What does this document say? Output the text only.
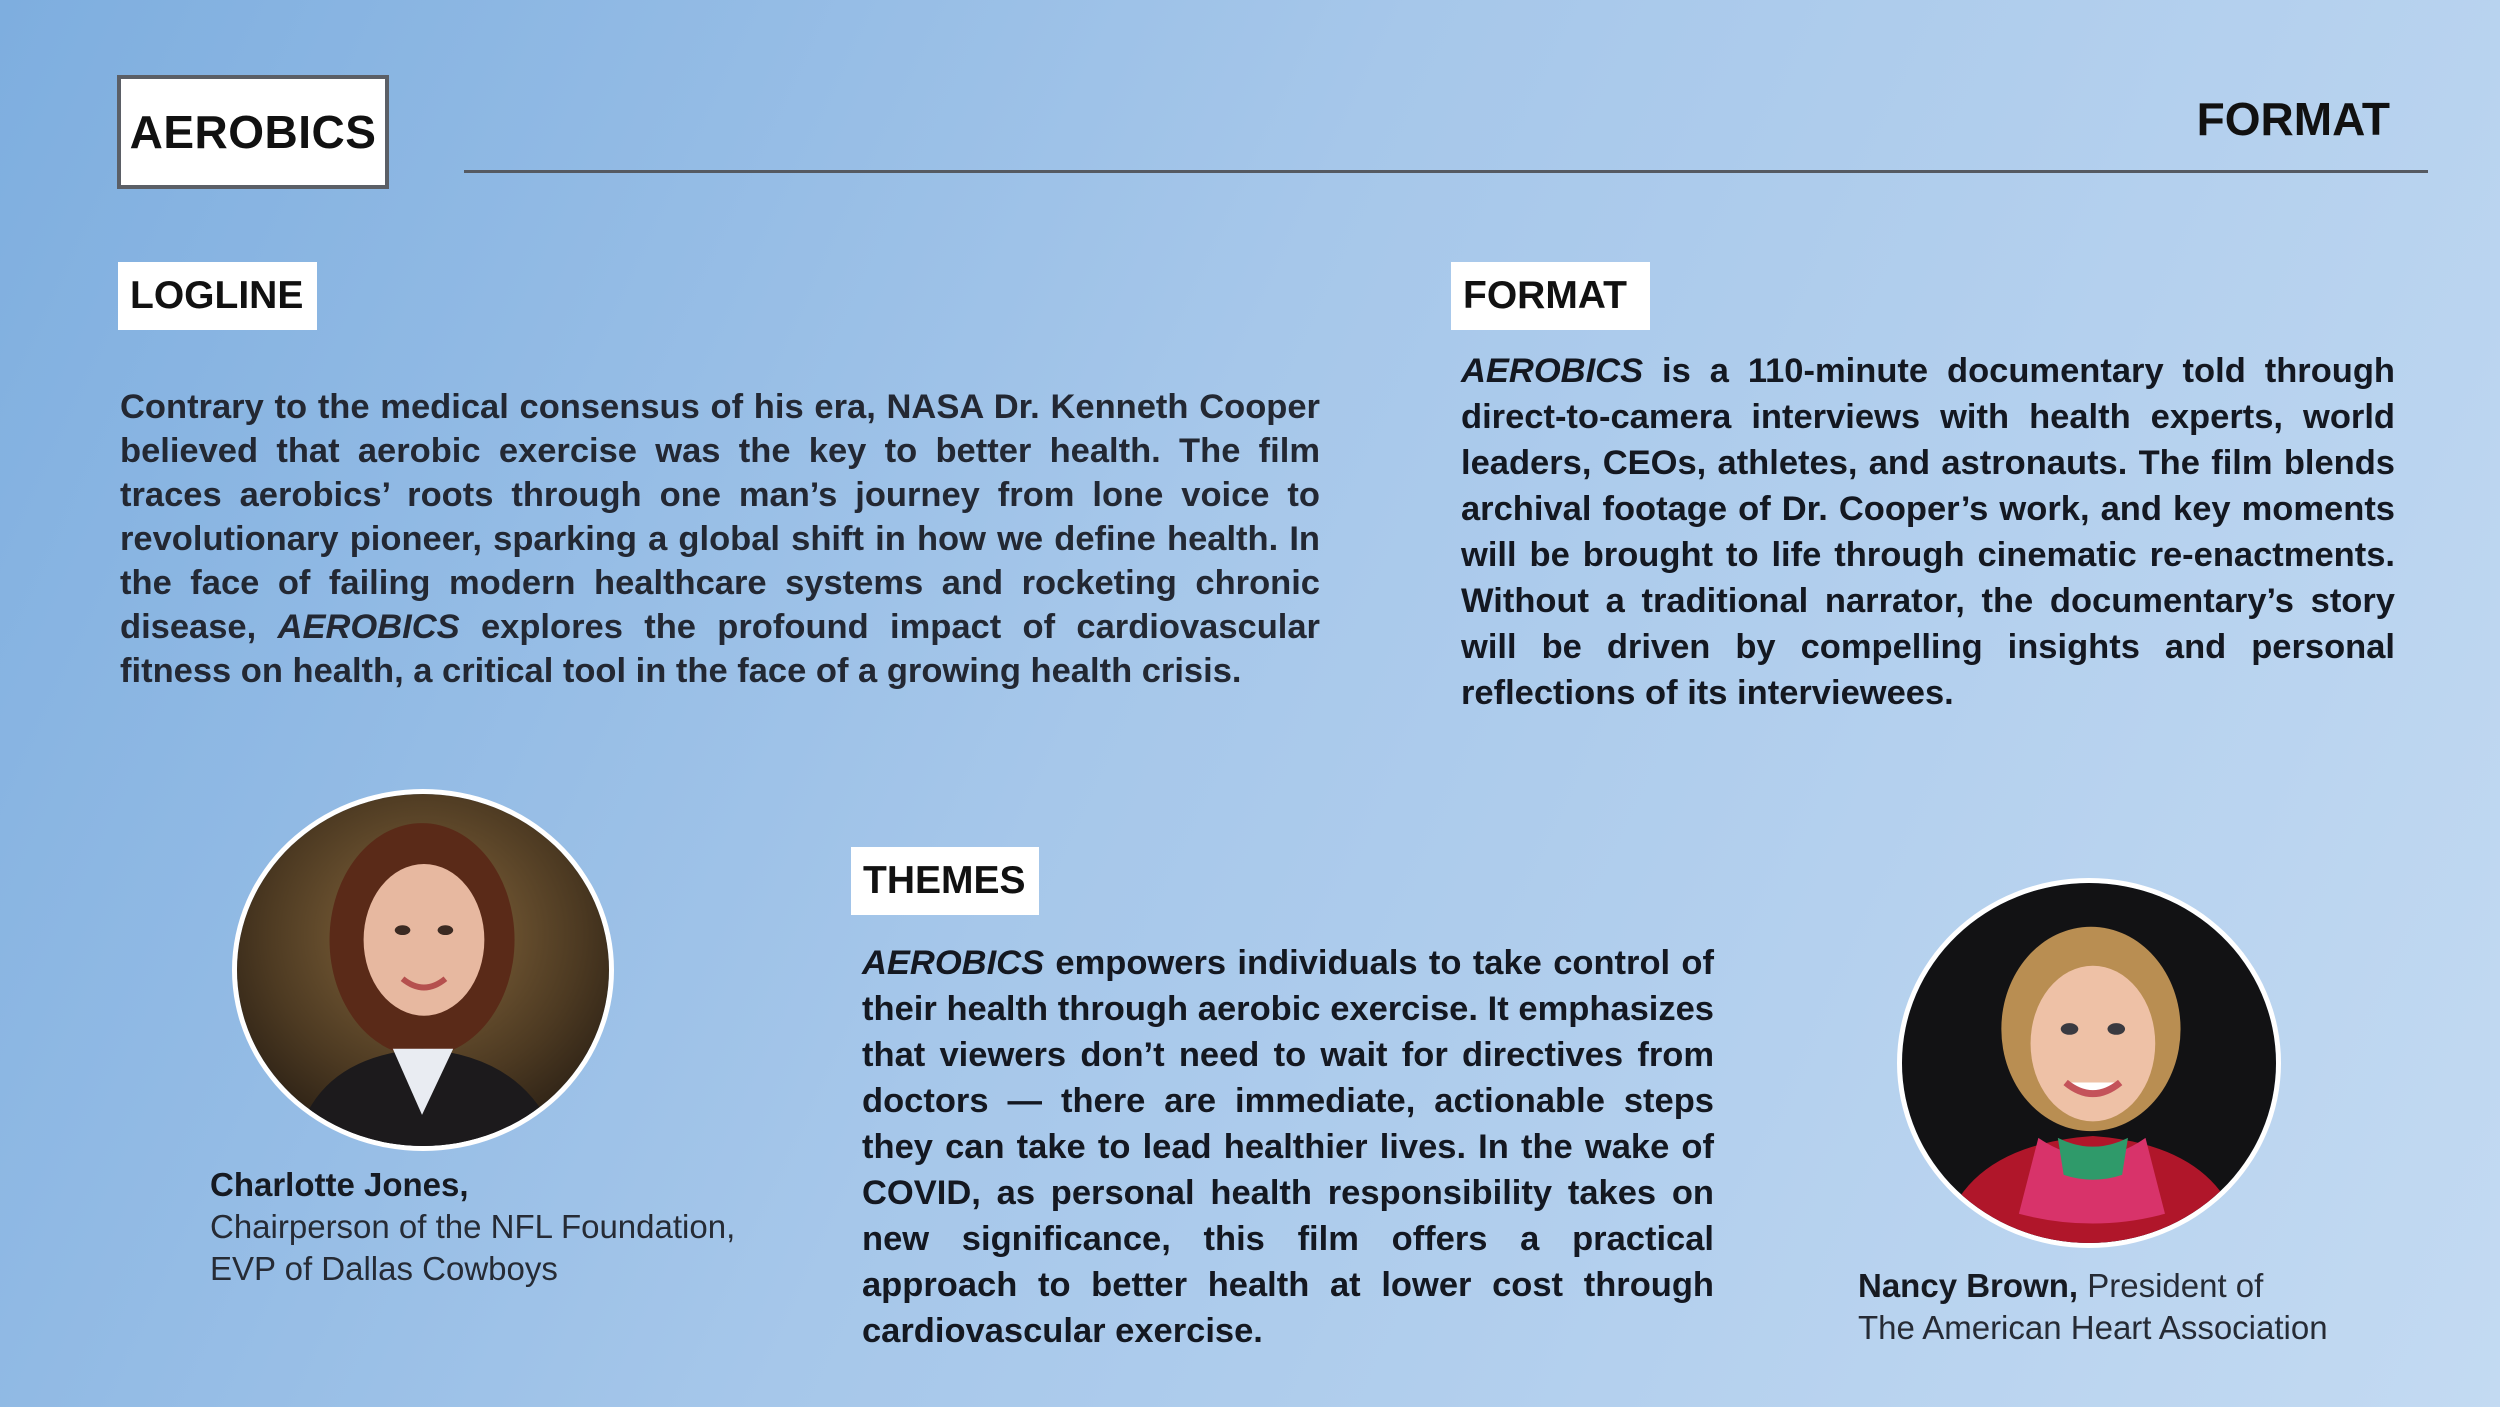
AEROBICS	FORMAT
LOGLINE
Contrary to the medical consensus of his era, NASA Dr. Kenneth Cooper believed that aerobic exercise was the key to better health. The film traces aerobics’ roots through one man’s journey from lone voice to revolutionary pioneer, sparking a global shift in how we define health. In the face of failing modern healthcare systems and rocketing chronic disease, AEROBICS explores the profound impact of cardiovascular fitness on health, a critical tool in the face of a growing health crisis.
FORMAT
AEROBICS is a 110-minute documentary told through direct-to-camera interviews with health experts, world leaders, CEOs, athletes, and astronauts. The film blends archival footage of Dr. Cooper’s work, and key moments will be brought to life through cinematic re-enactments. Without a traditional narrator, the documentary’s story will be driven by compelling insights and personal reflections of its interviewees.
Charlotte Jones,
Chairperson of the NFL Foundation,
EVP of Dallas Cowboys
THEMES
AEROBICS empowers individuals to take control of their health through aerobic exercise. It emphasizes that viewers don’t need to wait for directives from doctors — there are immediate, actionable steps they can take to lead healthier lives. In the wake of COVID, as personal health responsibility takes on new significance, this film offers a practical approach to better health at lower cost through cardiovascular exercise.
Nancy Brown, President of
The American Heart Association
